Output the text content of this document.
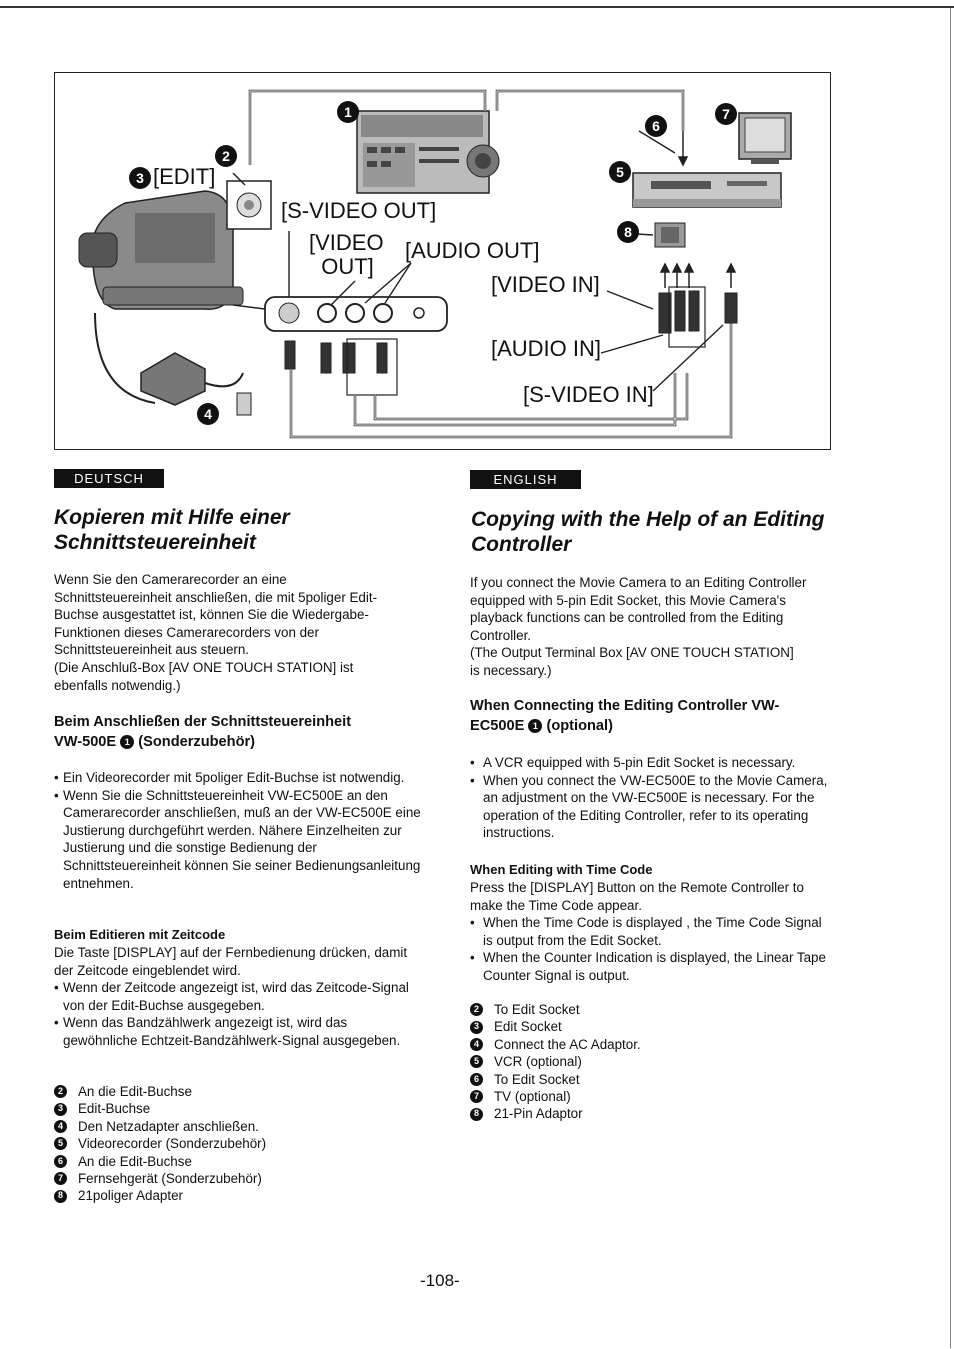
[EDIT]
[S-VIDEO OUT]
[VIDEO
OUT]
[AUDIO OUT]
[VIDEO IN]
[AUDIO IN]
[S-VIDEO IN]
1
2
3
4
5
6
7
8
DEUTSCH
Kopieren mit Hilfe einer
Schnittsteuereinheit

Wenn Sie den Camerarecorder an eine

Schnittsteuereinheit anschließen, die mit 5poliger Edit-

Buchse ausgestattet ist, können Sie die Wiedergabe-

Funktionen dieses Camerarecorders von der

Schnittsteuereinheit aus steuern.

(Die Anschluß-Box [AV ONE TOUCH STATION] ist

ebenfalls notwendig.)

Beim Anschließen der Schnittsteuereinheit
VW-500E 1 (Sonderzubehör)

• Ein Videorecorder mit 5poliger Edit-Buchse ist notwendig.

• Wenn Sie die Schnittsteuereinheit VW-EC500E an den Camerarecorder anschließen, muß an der VW-EC500E eine Justierung durchgeführt werden. Nähere Einzelheiten zur Justierung und die sonstige Bedienung der Schnittsteuereinheit können Sie seiner Bedienungsanleitung entnehmen.

Beim Editieren mit Zeitcode

Die Taste [DISPLAY] auf der Fernbedienung drücken, damit der Zeitcode eingeblendet wird.

• Wenn der Zeitcode angezeigt ist, wird das Zeitcode-Signal von der Edit-Buchse ausgegeben.

• Wenn das Bandzählwerk angezeigt ist, wird das gewöhnliche Echtzeit-Bandzählwerk-Signal ausgegeben.

2 An die Edit-Buchse
3 Edit-Buchse
4 Den Netzadapter anschließen.
5 Videorecorder (Sonderzubehör)
6 An die Edit-Buchse
7 Fernsehgerät (Sonderzubehör)
8 21poliger Adapter
ENGLISH
Copying with the Help of an Editing
Controller

If you connect the Movie Camera to an Editing Controller

equipped with 5-pin Edit Socket, this Movie Camera's

playback functions can be controlled from the Editing

Controller.

(The Output Terminal Box [AV ONE TOUCH STATION]

is necessary.)

When Connecting the Editing Controller VW-
EC500E 1 (optional)

• A VCR equipped with 5-pin Edit Socket is necessary.

• When you connect the VW-EC500E to the Movie Camera, an adjustment on the VW-EC500E is necessary. For the operation of the Editing Controller, refer to its operating instructions.

When Editing with Time Code

Press the [DISPLAY] Button on the Remote Controller to make the Time Code appear.

• When the Time Code is displayed , the Time Code Signal is output from the Edit Socket.

• When the Counter Indication is displayed, the Linear Tape Counter Signal is output.

2 To Edit Socket
3 Edit Socket
4 Connect the AC Adaptor.
5 VCR (optional)
6 To Edit Socket
7 TV (optional)
8 21-Pin Adaptor
-108-
